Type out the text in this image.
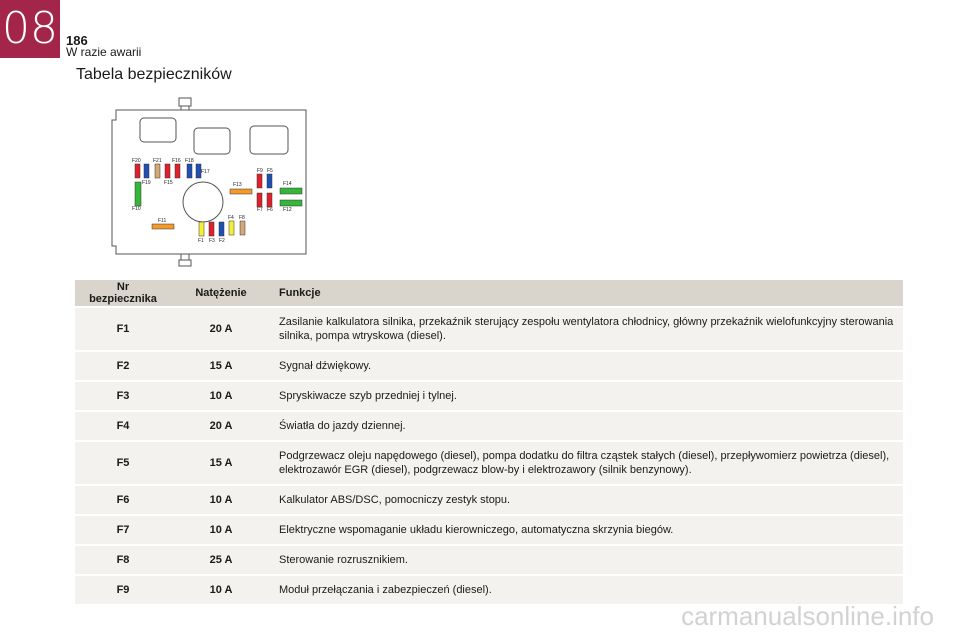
08 186
W razie awarii
Tabela bezpieczników
F20 F21 F16 F18
F17
F19	F15
F10
F11
F13
F9 F5
F14
F7 F6 F12
F4 F8
F1 F3 F2
Nr bezpiecznika	Natężenie	Funkcje
F1	20 A	Zasilanie kalkulatora silnika, przekaźnik sterujący zespołu wentylatora chłodnicy, główny przekaźnik wielofunkcyjny sterowania silnika, pompa wtryskowa (diesel).
F2	15 A	Sygnał dźwiękowy.
F3	10 A	Spryskiwacze szyb przedniej i tylnej.
F4	20 A	Światła do jazdy dziennej.
F5	15 A	Podgrzewacz oleju napędowego (diesel), pompa dodatku do filtra cząstek stałych (diesel), przepływomierz powietrza (diesel), elektrozawór EGR (diesel), podgrzewacz blow-by i elektrozawory (silnik benzynowy).
F6	10 A	Kalkulator ABS/DSC, pomocniczy zestyk stopu.
F7	10 A	Elektryczne wspomaganie układu kierowniczego, automatyczna skrzynia biegów.
F8	25 A	Sterowanie rozrusznikiem.
F9	10 A	Moduł przełączania i zabezpieczeń (diesel).
carmanualsonline.info
